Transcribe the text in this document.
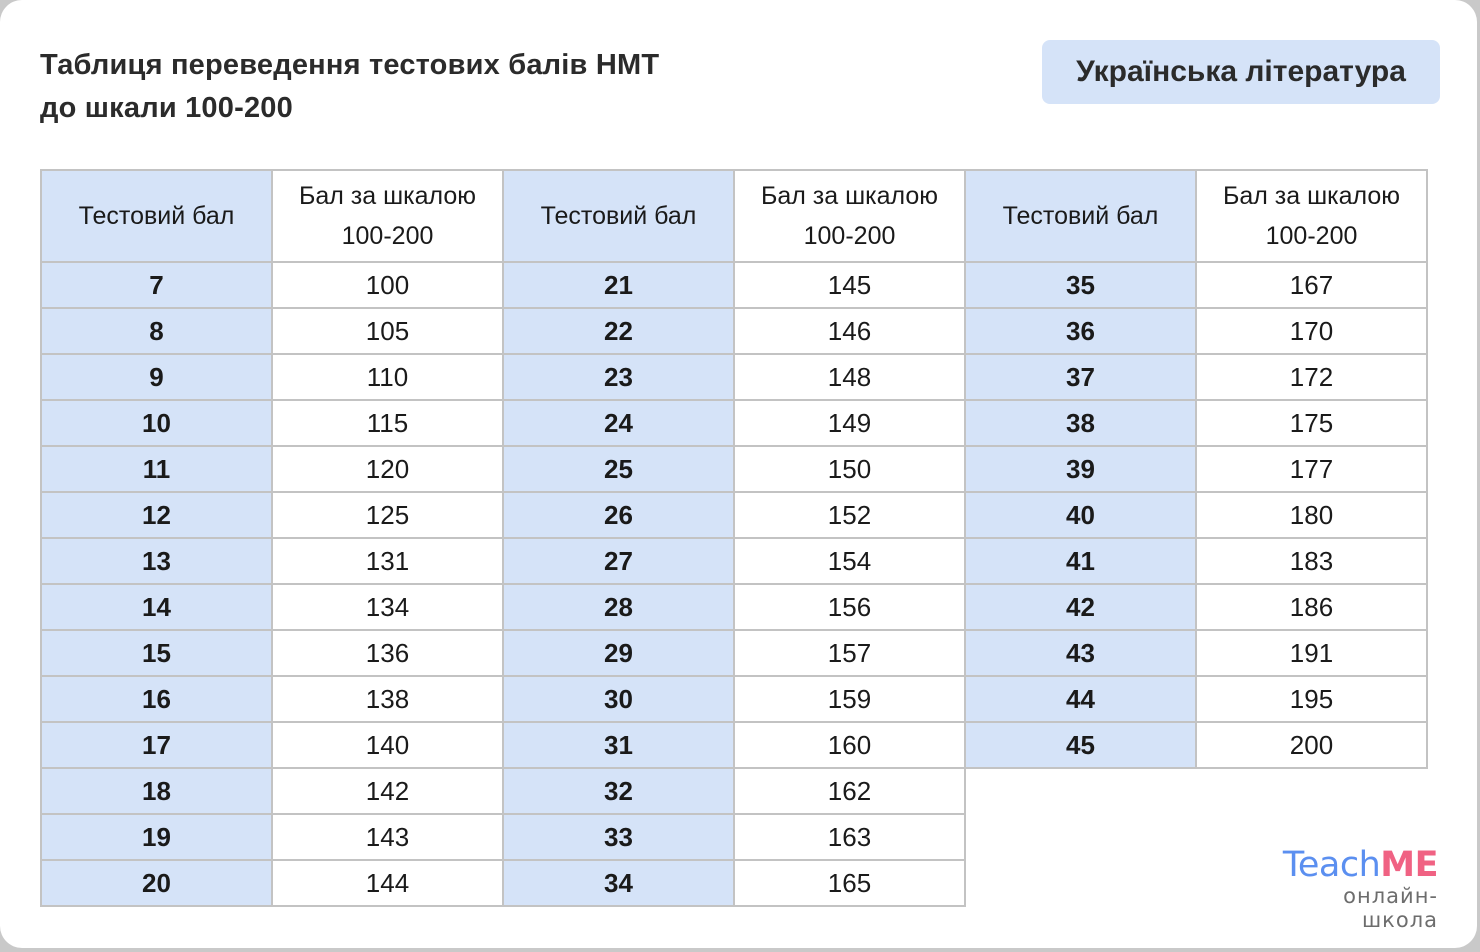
Таблиця переведення тестових балів НМТ
до шкали 100-200
Українська література
Тестовий бал	Бал за шкалою 100-200	Тестовий бал	Бал за шкалою 100-200	Тестовий бал	Бал за шкалою 100-200

7	100	21	145	35	167
8	105	22	146	36	170
9	110	23	148	37	172
10	115	24	149	38	175
11	120	25	150	39	177
12	125	26	152	40	180
13	131	27	154	41	183
14	134	28	156	42	186
15	136	29	157	43	191
16	138	30	159	44	195
17	140	31	160	45	200
18	142	32	162		
19	143	33	163		
20	144	34	165			TeachME
онлайн-школа
